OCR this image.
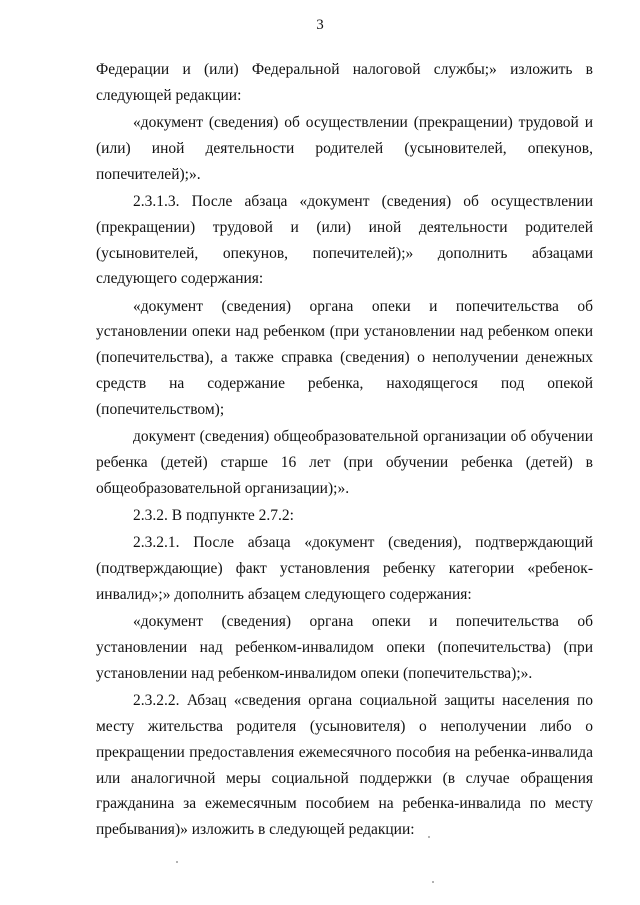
3

Федерации и (или) Федеральной налоговой службы;» изложить в следующей редакции:

«документ (сведения) об осуществлении (прекращении) трудовой и (или) иной деятельности родителей (усыновителей, опекунов, попечителей);».

2.3.1.3. После абзаца «документ (сведения) об осуществлении (прекращении) трудовой и (или) иной деятельности родителей (усыновителей, опекунов, попечителей);» дополнить абзацами следующего содержания:

«документ (сведения) органа опеки и попечительства об установлении опеки над ребенком (при установлении над ребенком опеки (попечительства), а также справка (сведения) о неполучении денежных средств на содержание ребенка, находящегося под опекой (попечительством);

документ (сведения) общеобразовательной организации об обучении ребенка (детей) старше 16 лет (при обучении ребенка (детей) в общеобразовательной организации);».

2.3.2. В подпункте 2.7.2:

2.3.2.1. После абзаца «документ (сведения), подтверждающий (подтверждающие) факт установления ребенку категории «ребенок-инвалид»;» дополнить абзацем следующего содержания:

«документ (сведения) органа опеки и попечительства об установлении над ребенком-инвалидом опеки (попечительства) (при установлении над ребенком-инвалидом опеки (попечительства);».

2.3.2.2. Абзац «сведения органа социальной защиты населения по месту жительства родителя (усыновителя) о неполучении либо о прекращении предоставления ежемесячного пособия на ребенка-инвалида или аналогичной меры социальной поддержки (в случае обращения гражданина за ежемесячным пособием на ребенка-инвалида по месту пребывания)» изложить в следующей редакции:
